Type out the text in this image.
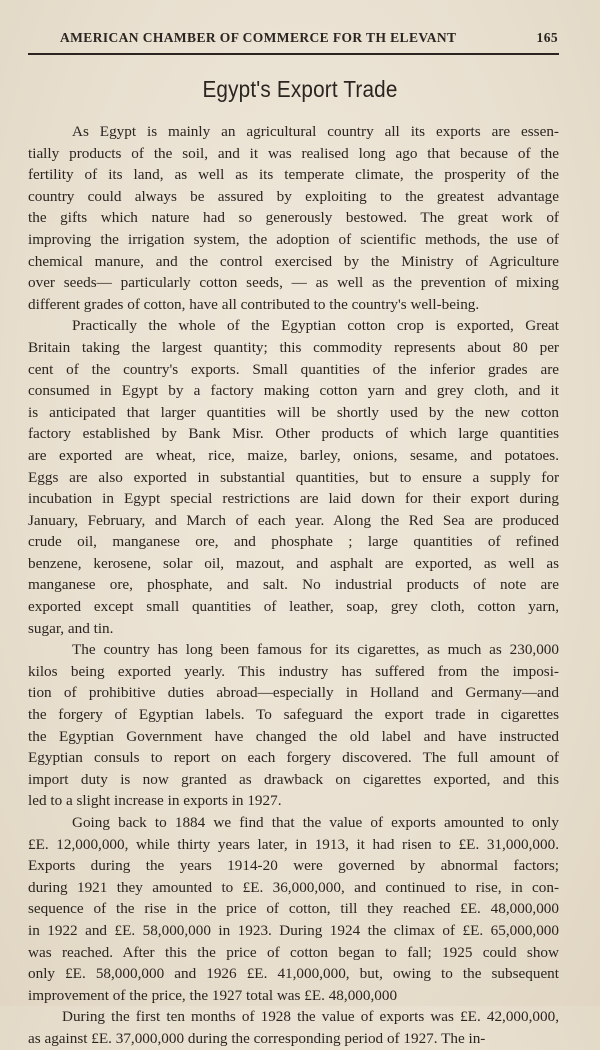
AMERICAN CHAMBER OF COMMERCE FOR TH ELEVANT	165
Egypt's Export Trade
As Egypt is mainly an agricultural country all its exports are essen-
tially products of the soil, and it was realised long ago that because of the
fertility of its land, as well as its temperate climate, the prosperity of the
country could always be assured by exploiting to the greatest advantage
the gifts which nature had so generously bestowed. The great work of
improving the irrigation system, the adoption of scientific methods, the use of
chemical manure, and the control exercised by the Ministry of Agriculture
over seeds— particularly cotton seeds, — as well as the prevention of mixing
different grades of cotton, have all contributed to the country's well-being.
Practically the whole of the Egyptian cotton crop is exported, Great
Britain taking the largest quantity; this commodity represents about 80 per
cent of the country's exports. Small quantities of the inferior grades are
consumed in Egypt by a factory making cotton yarn and grey cloth, and it
is anticipated that larger quantities will be shortly used by the new cotton
factory established by Bank Misr. Other products of which large quantities
are exported are wheat, rice, maize, barley, onions, sesame, and potatoes.
Eggs are also exported in substantial quantities, but to ensure a supply for
incubation in Egypt special restrictions are laid down for their export during
January, February, and March of each year. Along the Red Sea are produced
crude oil, manganese ore, and phosphate ; large quantities of refined
benzene, kerosene, solar oil, mazout, and asphalt are exported, as well as
manganese ore, phosphate, and salt. No industrial products of note are
exported except small quantities of leather, soap, grey cloth, cotton yarn,
sugar, and tin.
The country has long been famous for its cigarettes, as much as 230,000
kilos being exported yearly. This industry has suffered from the imposi-
tion of prohibitive duties abroad—especially in Holland and Germany—and
the forgery of Egyptian labels. To safeguard the export trade in cigarettes
the Egyptian Government have changed the old label and have instructed
Egyptian consuls to report on each forgery discovered. The full amount of
import duty is now granted as drawback on cigarettes exported, and this
led to a slight increase in exports in 1927.
Going back to 1884 we find that the value of exports amounted to only
£E. 12,000,000, while thirty years later, in 1913, it had risen to £E. 31,000,000.
Exports during the years 1914-20 were governed by abnormal factors;
during 1921 they amounted to £E. 36,000,000, and continued to rise, in con-
sequence of the rise in the price of cotton, till they reached £E. 48,000,000
in 1922 and £E. 58,000,000 in 1923. During 1924 the climax of £E. 65,000,000
was reached. After this the price of cotton began to fall; 1925 could show
only £E. 58,000,000 and 1926 £E. 41,000,000, but, owing to the subsequent
improvement of the price, the 1927 total was £E. 48,000,000
During the first ten months of 1928 the value of exports was £E. 42,000,000,
as against £E. 37,000,000 during the corresponding period of 1927. The in-
